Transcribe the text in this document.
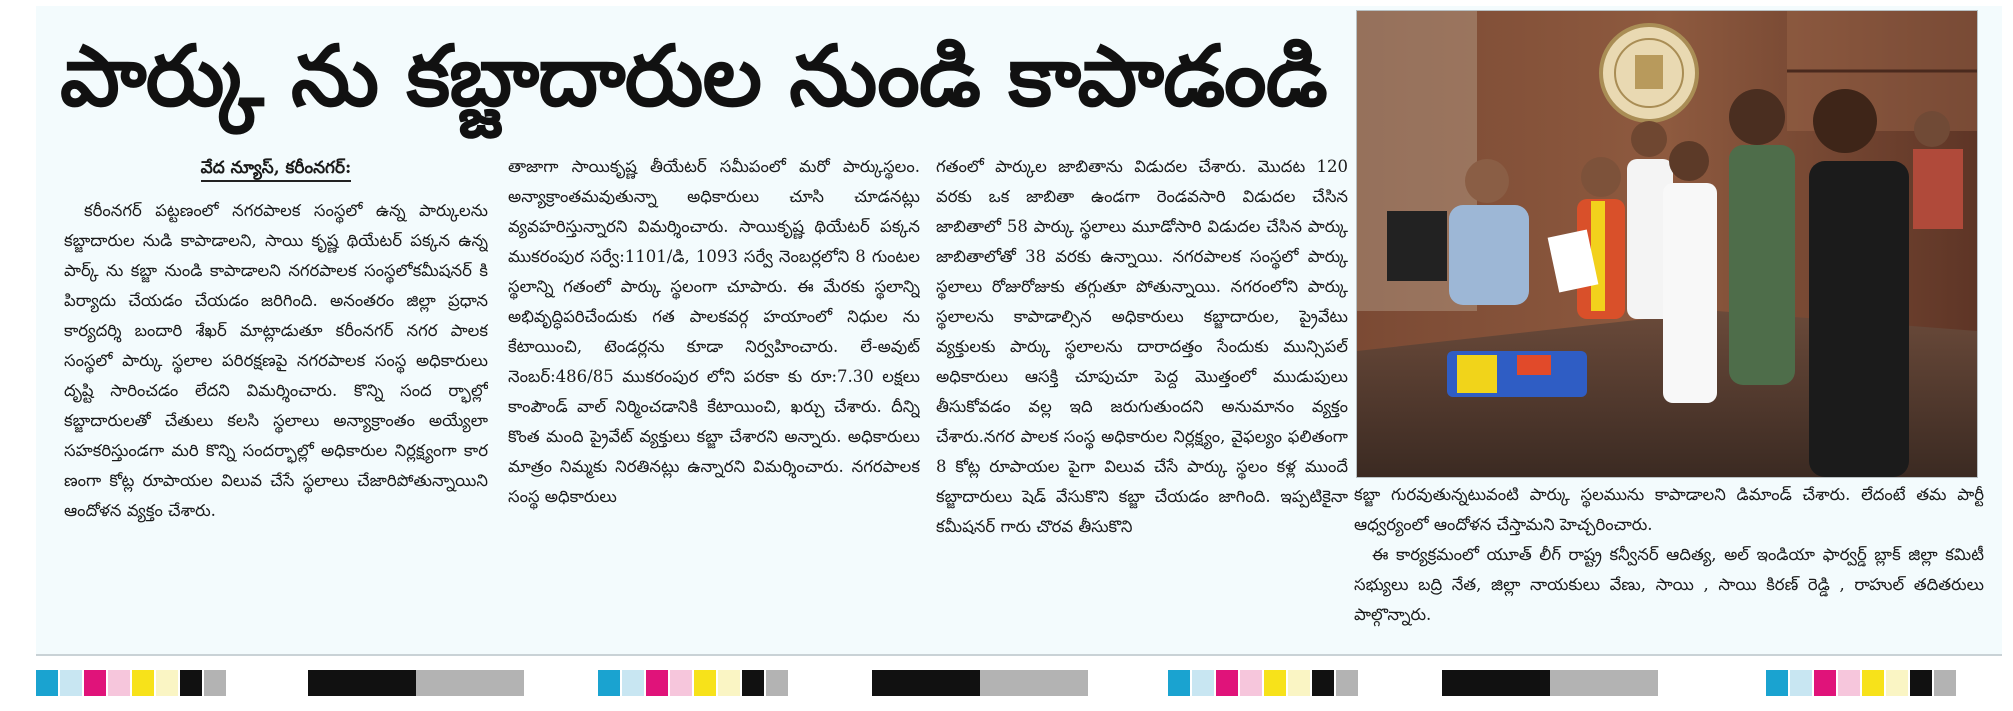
పార్కు ను కబ్జాదారుల నుండి కాపాడండి
వేద న్యూస్, కరీంనగర్:

కరీంనగర్ పట్టణంలో నగరపాలక సంస్థలో ఉన్న పార్కులను కబ్జాదారుల నుడి కాపాడాలని, సాయి కృష్ణ థియేటర్ పక్కన ఉన్న పార్క్ ను కబ్జా నుండి కాపాడాలని నగరపాలక సంస్థలోకమీషనర్ కి పిర్యాదు చేయడం చేయడం జరిగింది. అనంతరం జిల్లా ప్రధాన కార్యదర్శి బందారి శేఖర్ మాట్లాడుతూ కరీంనగర్ నగర పాలక సంస్థలో పార్కు స్థలాల పరిరక్షణపై నగరపాలక సంస్థ అధికారులు దృష్టి సారించడం లేదని విమర్శించారు. కొన్ని సంద ర్భాల్లో కబ్జాదారులతో చేతులు కలసి స్థలాలు అన్యాక్రాంతం అయ్యేలా సహకరిస్తుండగా మరి కొన్ని సందర్భాల్లో అధికారుల నిర్లక్ష్యంగా కార ణంగా కోట్ల రూపాయల విలువ చేసే స్థలాలు చేజారిపోతున్నాయిని ఆందోళన వ్యక్తం చేశారు.

తాజాగా సాయికృష్ణ తీయేటర్ సమీపంలో మరో పార్కుస్థలం. అన్యాక్రాంతమవుతున్నా అధికారులు చూసి చూడనట్లు వ్యవహరిస్తున్నారని విమర్శించారు. సాయికృష్ణ థియేటర్ పక్కన ముకరంపుర సర్వే:1101/డి, 1093 సర్వే నెంబర్లలోని 8 గుంటల స్థలాన్ని గతంలో పార్కు స్థలంగా చూపారు. ఈ మేరకు స్థలాన్ని అభివృద్ధిపరిచేందుకు గత పాలకవర్గ హయాంలో నిధుల ను కేటాయించి, టెండర్లను కూడా నిర్వహించారు. లే-అవుట్ నెంబర్:486/85 ముకరంపుర లోని పరకా కు రూ:7.30 లక్షలు కాంపౌండ్ వాల్ నిర్మించడానికి కేటాయించి, ఖర్చు చేశారు. దీన్ని కొంత మంది ప్రైవేట్ వ్యక్తులు కబ్జా చేశారని అన్నారు. అధికారులు మాత్రం నిమ్మకు నిరతినట్లు ఉన్నారని విమర్శించారు. నగరపాలక సంస్థ అధికారులు

గతంలో పార్కుల జాబితాను విడుదల చేశారు. మొదట 120 వరకు ఒక జాబితా ఉండగా రెండవసారి విడుదల చేసిన జాబితాలో 58 పార్కు స్థలాలు మూడోసారి విడుదల చేసిన పార్కు జాబితాలోతో 38 వరకు ఉన్నాయి. నగరపాలక సంస్థలో పార్కు స్థలాలు రోజురోజుకు తగ్గుతూ పోతున్నాయి. నగరంలోని పార్కు స్థలాలను కాపాడాల్సిన అధికారులు కబ్జాదారుల, ప్రైవేటు వ్యక్తులకు పార్కు స్థలాలను దారాదత్తం సేందుకు మున్సిపల్ అధికారులు ఆసక్తి చూపుచూ పెద్ద మొత్తంలో ముడుపులు తీసుకోవడం వల్ల ఇది జరుగుతుందని అనుమానం వ్యక్తం చేశారు.నగర పాలక సంస్థ అధికారుల నిర్లక్ష్యం, వైఫల్యం ఫలితంగా 8 కోట్ల రూపాయల పైగా విలువ చేసే పార్కు స్థలం కళ్ల ముందే కబ్జాదారులు షెడ్ వేసుకొని కబ్జా చేయడం జాగింది. ఇప్పటికైనా కమీషనర్ గారు చొరవ తీసుకొని

కబ్జా గురవుతున్నటువంటి పార్కు స్థలమును కాపాడాలని డిమాండ్ చేశారు. లేదంటే తమ పార్టీ ఆధ్వర్యంలో ఆందోళన చేస్తామని హెచ్చరించారు.
ఈ కార్యక్రమంలో యూత్ లీగ్ రాష్ట్ర కన్వీనర్ ఆదిత్య, అల్ ఇండియా ఫార్వర్డ్ బ్లాక్ జిల్లా కమిటీ సభ్యులు బద్రి నేత, జిల్లా నాయకులు వేణు, సాయి , సాయి కిరణ్ రెడ్డి , రాహుల్ తదితరులు పాల్గొన్నారు.
